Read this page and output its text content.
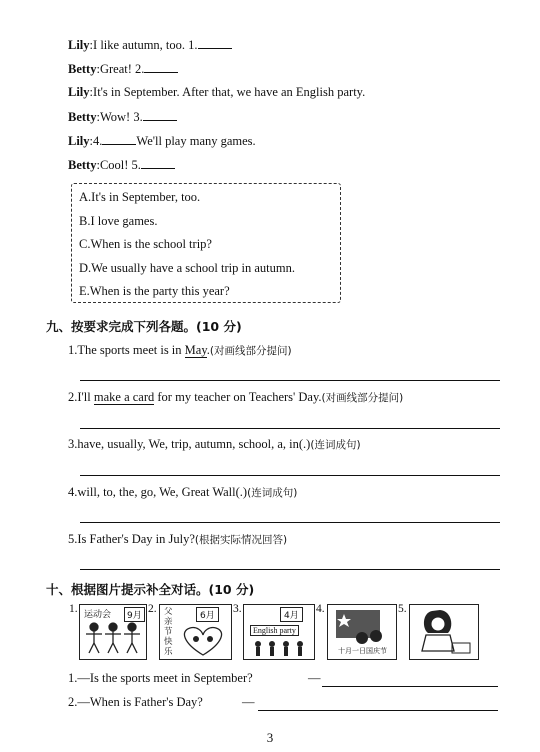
Lily:I like autumn, too. 1.
Betty:Great! 2.
Lily:It's in September. After that, we have an English party.
Betty:Wow! 3.
Lily:4.	We'll play many games.
Betty:Cool! 5.
A.It's in September, too.
B.I love games.
C.When is the school trip?
D.We usually have a school trip in autumn.
E.When is the party this year?
九、按要求完成下列各题。(10 分)
1.The sports meet is in May.(对画线部分提问)
2.I'll make a card for my teacher on Teachers' Day.(对画线部分提问)
3.have, usually, We, trip, autumn, school, a, in(.)(连词成句)
4.will, to, the, go, We, Great Wall(.)(连词成句)
5.Is Father's Day in July?(根据实际情况回答)
十、根据图片提示补全对话。(10 分)
1. 运动会	9月
2. 父亲节快乐
6月
3.
4月
English party
4.
十月一日国庆节
5.
1.—Is the sports meet in September?	—
2.—When is Father's Day?	—
3
